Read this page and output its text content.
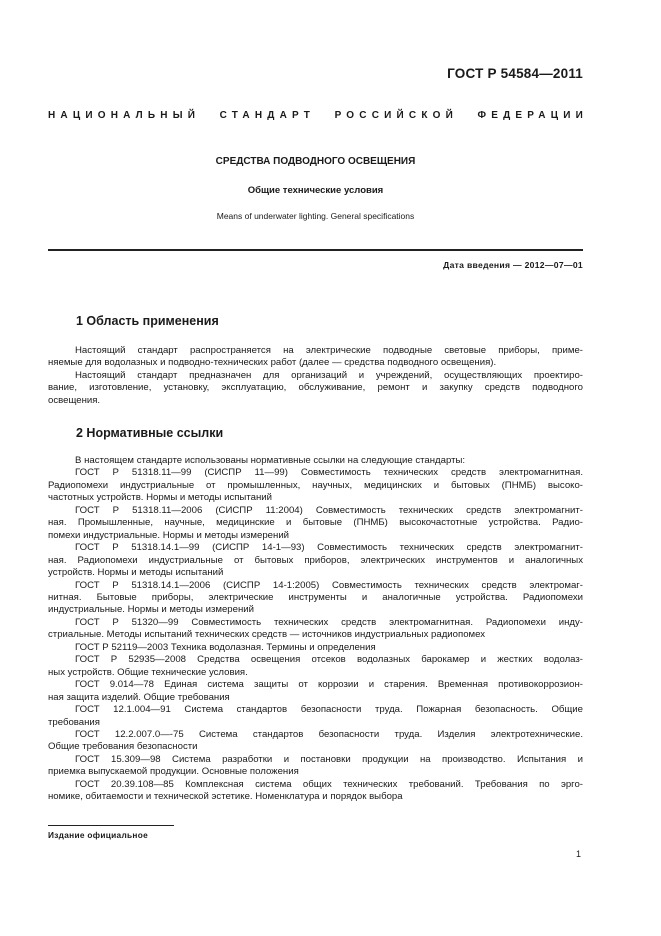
ГОСТ Р 54584—2011
НАЦИОНАЛЬНЫЙ СТАНДАРТ РОССИЙСКОЙ ФЕДЕРАЦИИ
СРЕДСТВА ПОДВОДНОГО ОСВЕЩЕНИЯ
Общие технические условия
Means of underwater lighting. General specifications
Дата введения — 2012—07—01
1 Область применения
Настоящий стандарт распространяется на электрические подводные световые приборы, приме-
няемые для водолазных и подводно-технических работ (далее — средства подводного освещения).
Настоящий стандарт предназначен для организаций и учреждений, осуществляющих проектиро-
вание, изготовление, установку, эксплуатацию, обслуживание, ремонт и закупку средств подводного
освещения.
2 Нормативные ссылки
В настоящем стандарте использованы нормативные ссылки на следующие стандарты:
ГОСТ Р 51318.11—99 (СИСПР 11—99) Совместимость технических средств электромагнитная.
Радиопомехи индустриальные от промышленных, научных, медицинских и бытовых (ПНМБ) высоко-
частотных устройств. Нормы и методы испытаний
ГОСТ Р 51318.11—2006 (СИСПР 11:2004) Совместимость технических средств электромагнит-
ная. Промышленные, научные, медицинские и бытовые (ПНМБ) высокочастотные устройства. Радио-
помехи индустриальные. Нормы и методы измерений
ГОСТ Р 51318.14.1—99 (СИСПР 14-1—93) Совместимость технических средств электромагнит-
ная. Радиопомехи индустриальные от бытовых приборов, электрических инструментов и аналогичных
устройств. Нормы и методы испытаний
ГОСТ Р 51318.14.1—2006 (СИСПР 14-1:2005) Совместимость технических средств электромаг-
нитная. Бытовые приборы, электрические инструменты и аналогичные устройства. Радиопомехи
индустриальные. Нормы и методы измерений
ГОСТ Р 51320—99 Совместимость технических средств электромагнитная. Радиопомехи инду-
стриальные. Методы испытаний технических средств — источников индустриальных радиопомех
ГОСТ Р 52119—2003 Техника водолазная. Термины и определения
ГОСТ Р 52935—2008 Средства освещения отсеков водолазных барокамер и жестких водолаз-
ных устройств. Общие технические условия.
ГОСТ 9.014—78 Единая система защиты от коррозии и старения. Временная противокоррозион-
ная защита изделий. Общие требования
ГОСТ 12.1.004—91 Система стандартов безопасности труда. Пожарная безопасность. Общие
требования
ГОСТ 12.2.007.0—-75 Система стандартов безопасности труда. Изделия электротехнические.
Общие требования безопасности
ГОСТ 15.309—98 Система разработки и постановки продукции на производство. Испытания и
приемка выпускаемой продукции. Основные положения
ГОСТ 20.39.108—85 Комплексная система общих технических требований. Требования по эрго-
номике, обитаемости и технической эстетике. Номенклатура и порядок выбора
Издание официальное
1
